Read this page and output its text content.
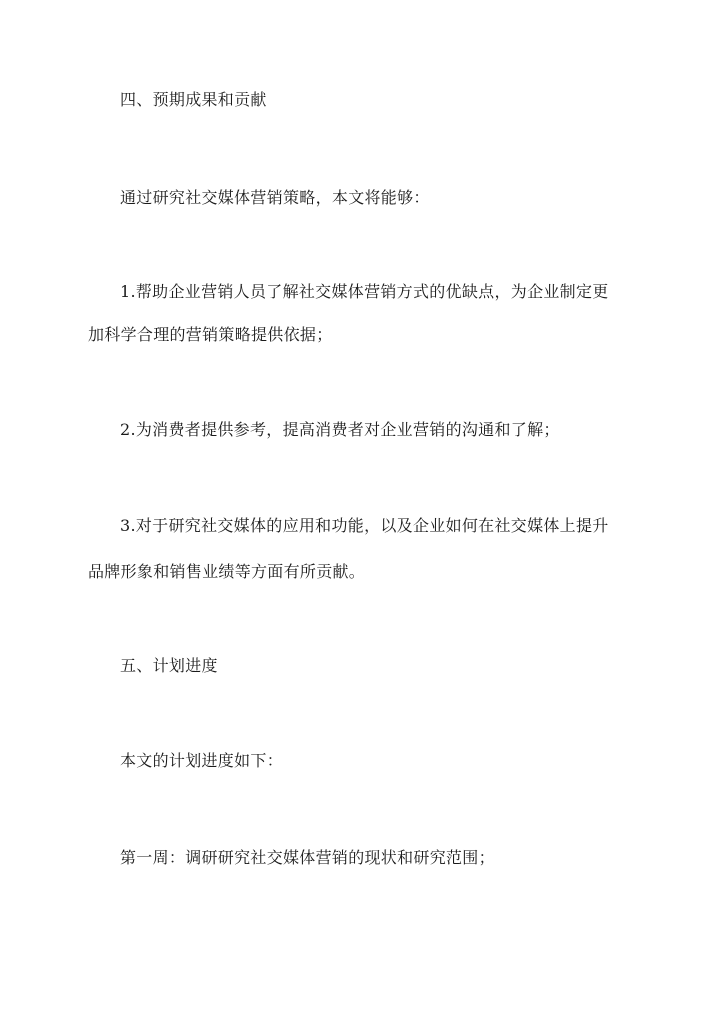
四、预期成果和贡献
通过研究社交媒体营销策略，本文将能够：
1.帮助企业营销人员了解社交媒体营销方式的优缺点，为企业制定更
加科学合理的营销策略提供依据；
2.为消费者提供参考，提高消费者对企业营销的沟通和了解；
3.对于研究社交媒体的应用和功能，以及企业如何在社交媒体上提升
品牌形象和销售业绩等方面有所贡献。
五、计划进度
本文的计划进度如下：
第一周：调研研究社交媒体营销的现状和研究范围；
